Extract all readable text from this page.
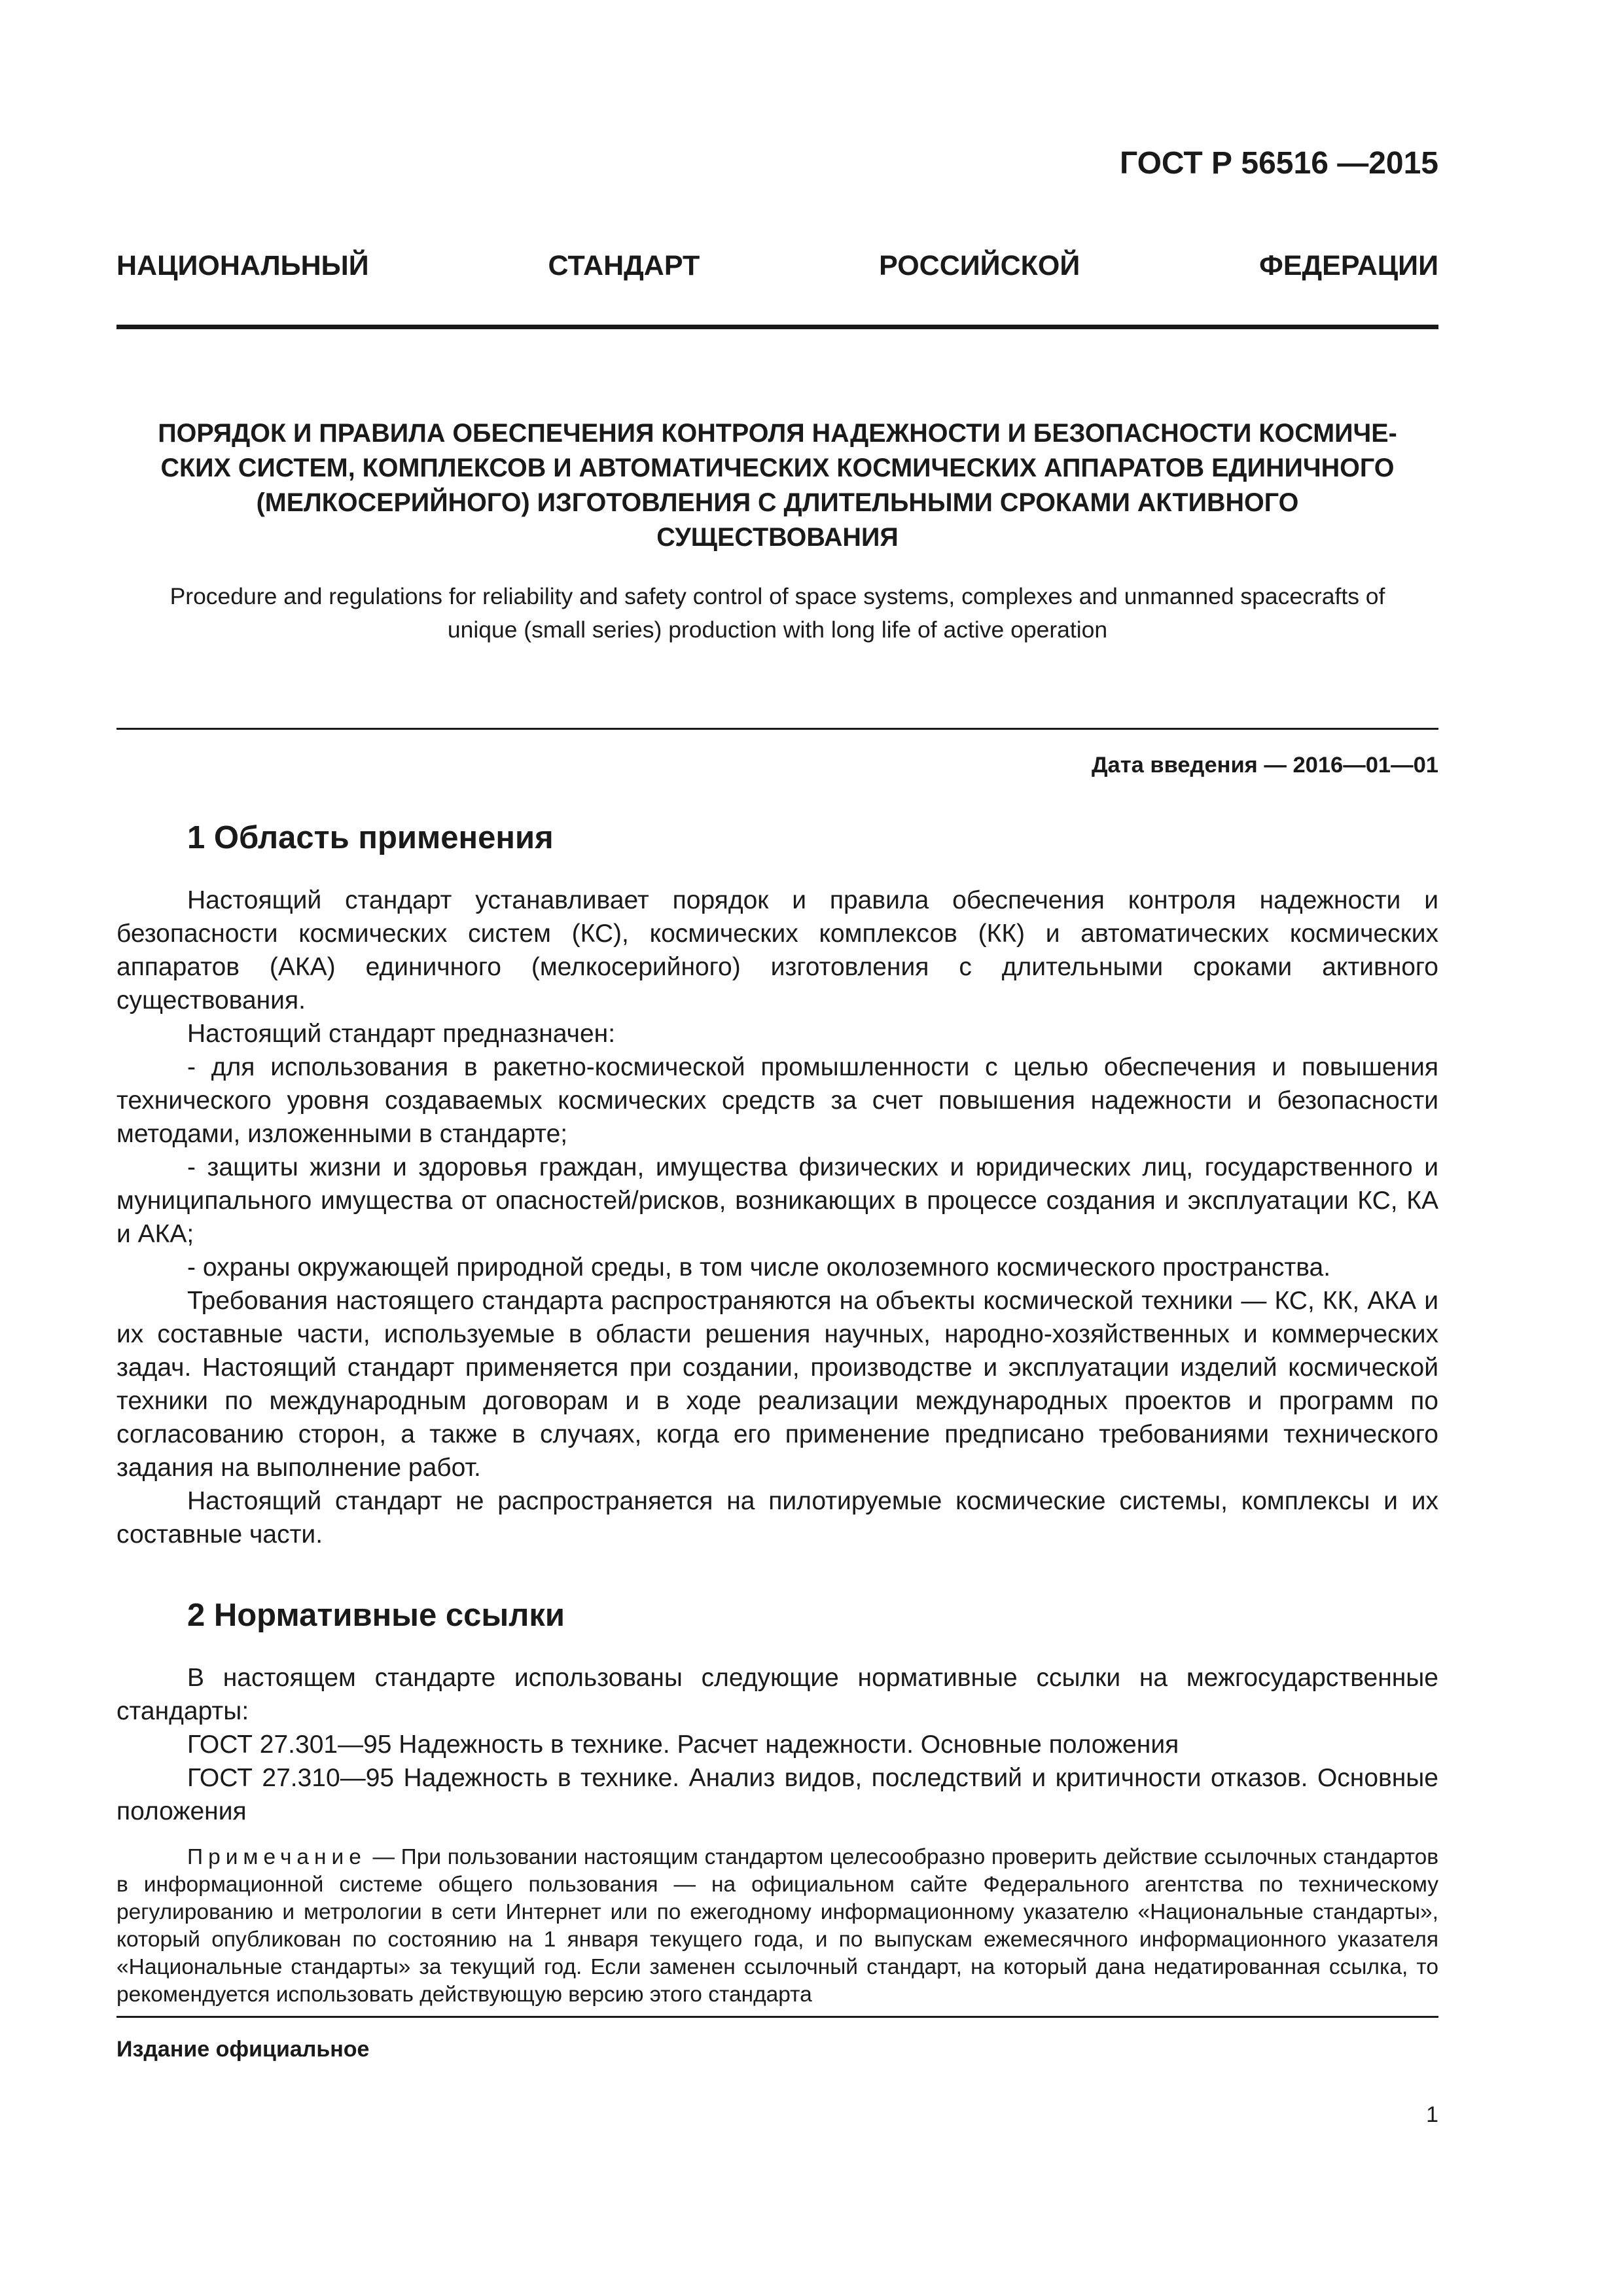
ГОСТ Р 56516 —2015

НАЦИОНАЛЬНЫЙ	СТАНДАРТ	РОССИЙСКОЙ	ФЕДЕРАЦИИ

ПОРЯДОК И ПРАВИЛА ОБЕСПЕЧЕНИЯ КОНТРОЛЯ НАДЕЖНОСТИ И БЕЗОПАСНОСТИ КОСМИЧЕ-
СКИХ СИСТЕМ, КОМПЛЕКСОВ И АВТОМАТИЧЕСКИХ КОСМИЧЕСКИХ АППАРАТОВ ЕДИНИЧНОГО
(МЕЛКОСЕРИЙНОГО) ИЗГОТОВЛЕНИЯ С ДЛИТЕЛЬНЫМИ СРОКАМИ АКТИВНОГО
СУЩЕСТВОВАНИЯ

Procedure and regulations for reliability and safety control of space systems, complexes and unmanned spacecrafts of
unique (small series) production with long life of active operation

Дата введения — 2016—01—01

1 Область применения

Настоящий стандарт устанавливает порядок и правила обеспечения контроля надежности и безопасности космических систем (КС), космических комплексов (КК) и автоматических космических аппаратов (АКА) единичного (мелкосерийного) изготовления с длительными сроками активного существования.

Настоящий стандарт предназначен:

- для использования в ракетно-космической промышленности с целью обеспечения и повышения технического уровня создаваемых космических средств за счет повышения надежности и безопасности методами, изложенными в стандарте;

- защиты жизни и здоровья граждан, имущества физических и юридических лиц, государственного и муниципального имущества от опасностей/рисков, возникающих в процессе создания и эксплуатации КС, КА и АКА;

- охраны окружающей природной среды, в том числе околоземного космического пространства.

Требования настоящего стандарта распространяются на объекты космической техники — КС, КК, АКА и их составные части, используемые в области решения научных, народно-хозяйственных и коммерческих задач. Настоящий стандарт применяется при создании, производстве и эксплуатации изделий космической техники по международным договорам и в ходе реализации международных проектов и программ по согласованию сторон, а также в случаях, когда его применение предписано требованиями технического задания на выполнение работ.

Настоящий стандарт не распространяется на пилотируемые космические системы, комплексы и их составные части.

2 Нормативные ссылки

В настоящем стандарте использованы следующие нормативные ссылки на межгосударственные стандарты:

ГОСТ 27.301—95 Надежность в технике. Расчет надежности. Основные положения

ГОСТ 27.310—95 Надежность в технике. Анализ видов, последствий и критичности отказов. Основные положения

Примечание — При пользовании настоящим стандартом целесообразно проверить действие ссылочных стандартов в информационной системе общего пользования — на официальном сайте Федерального агентства по техническому регулированию и метрологии в сети Интернет или по ежегодному информационному указателю «Национальные стандарты», который опубликован по состоянию на 1 января текущего года, и по выпускам ежемесячного информационного указателя «Национальные стандарты» за текущий год. Если заменен ссылочный стандарт, на который дана недатированная ссылка, то рекомендуется использовать действующую версию этого стандарта

Издание официальное

1
